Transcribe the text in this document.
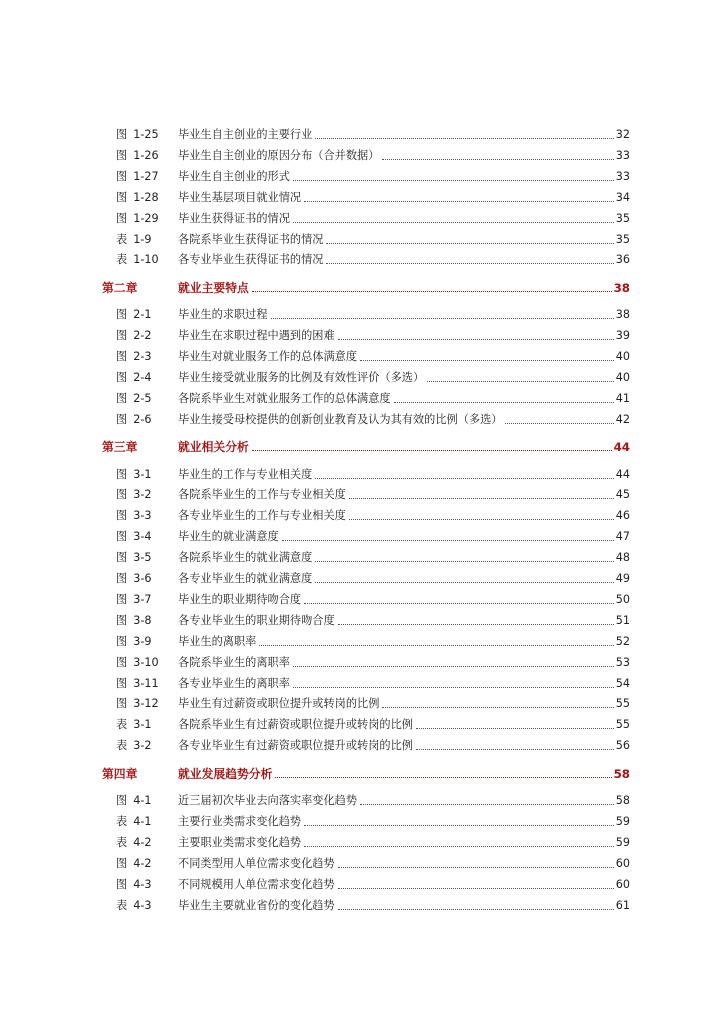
图 1-25 毕业生自主创业的主要行业	32
图 1-26 毕业生自主创业的原因分布（合并数据）	33
图 1-27 毕业生自主创业的形式	33
图 1-28 毕业生基层项目就业情况	34
图 1-29 毕业生获得证书的情况	35
表 1-9 各院系毕业生获得证书的情况	35
表 1-10 各专业毕业生获得证书的情况	36
第二章	就业主要特点	38
图 2-1 毕业生的求职过程	38
图 2-2 毕业生在求职过程中遇到的困难	39
图 2-3 毕业生对就业服务工作的总体满意度	40
图 2-4 毕业生接受就业服务的比例及有效性评价（多选）	40
图 2-5 各院系毕业生对就业服务工作的总体满意度	41
图 2-6 毕业生接受母校提供的创新创业教育及认为其有效的比例（多选）	42
第三章	就业相关分析	44
图 3-1 毕业生的工作与专业相关度	44
图 3-2 各院系毕业生的工作与专业相关度	45
图 3-3 各专业毕业生的工作与专业相关度	46
图 3-4 毕业生的就业满意度	47
图 3-5 各院系毕业生的就业满意度	48
图 3-6 各专业毕业生的就业满意度	49
图 3-7 毕业生的职业期待吻合度	50
图 3-8 各专业毕业生的职业期待吻合度	51
图 3-9 毕业生的离职率	52
图 3-10 各院系毕业生的离职率	53
图 3-11 各专业毕业生的离职率	54
图 3-12 毕业生有过薪资或职位提升或转岗的比例	55
表 3-1 各院系毕业生有过薪资或职位提升或转岗的比例	55
表 3-2 各专业毕业生有过薪资或职位提升或转岗的比例	56
第四章	就业发展趋势分析	58
图 4-1 近三届初次毕业去向落实率变化趋势	58
表 4-1 主要行业类需求变化趋势	59
表 4-2 主要职业类需求变化趋势	59
图 4-2 不同类型用人单位需求变化趋势	60
图 4-3 不同规模用人单位需求变化趋势	60
表 4-3 毕业生主要就业省份的变化趋势	61
